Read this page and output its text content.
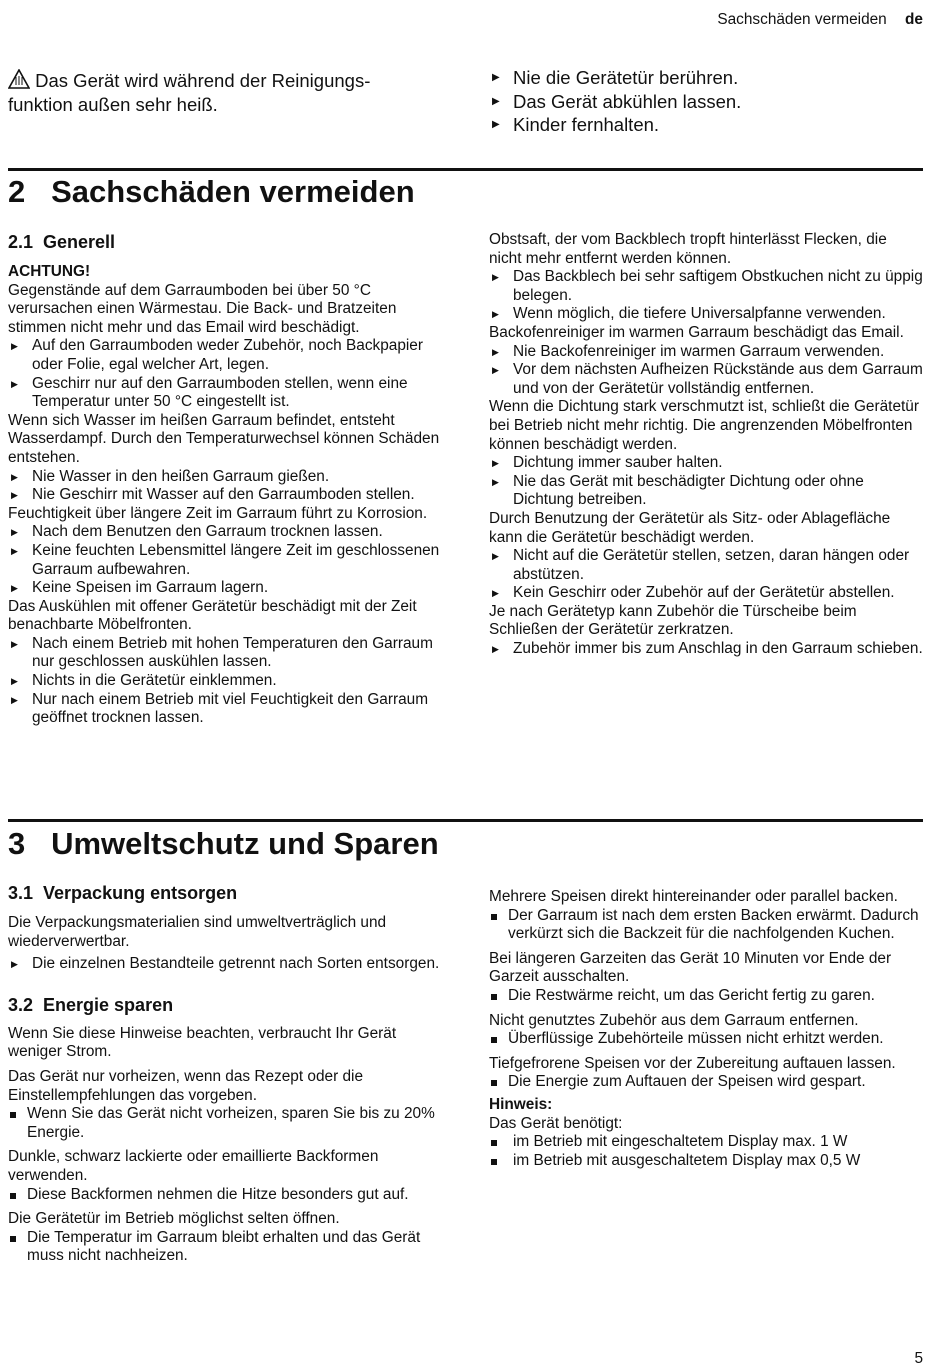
Sachschäden vermeiden de

Das Gerät wird während der Reinigungs-
funktion außen sehr heiß.

▶ Nie die Gerätetür berühren.

▶ Das Gerät abkühlen lassen.

▶ Kinder fernhalten.

2   Sachschäden vermeiden
2.1  Generell

ACHTUNG!

Gegenstände auf dem Garraumboden bei über 50 °C verursachen einen Wärmestau. Die Back- und Bratzeiten stimmen nicht mehr und das Email wird beschädigt.

▶ Auf den Garraumboden weder Zubehör, noch Backpapier oder Folie, egal welcher Art, legen.

▶ Geschirr nur auf den Garraumboden stellen, wenn eine Temperatur unter 50 °C eingestellt ist.

Wenn sich Wasser im heißen Garraum befindet, entsteht Wasserdampf. Durch den Temperaturwechsel können Schäden entstehen.

▶ Nie Wasser in den heißen Garraum gießen.

▶ Nie Geschirr mit Wasser auf den Garraumboden stellen.

Feuchtigkeit über längere Zeit im Garraum führt zu Korrosion.

▶ Nach dem Benutzen den Garraum trocknen lassen.

▶ Keine feuchten Lebensmittel längere Zeit im geschlossenen Garraum aufbewahren.

▶ Keine Speisen im Garraum lagern.

Das Auskühlen mit offener Gerätetür beschädigt mit der Zeit benachbarte Möbelfronten.

▶ Nach einem Betrieb mit hohen Temperaturen den Garraum nur geschlossen auskühlen lassen.

▶ Nichts in die Gerätetür einklemmen.

▶ Nur nach einem Betrieb mit viel Feuchtigkeit den Garraum geöffnet trocknen lassen.

Obstsaft, der vom Backblech tropft hinterlässt Flecken, die nicht mehr entfernt werden können.

▶ Das Backblech bei sehr saftigem Obstkuchen nicht zu üppig belegen.

▶ Wenn möglich, die tiefere Universalpfanne verwenden.

Backofenreiniger im warmen Garraum beschädigt das Email.

▶ Nie Backofenreiniger im warmen Garraum verwenden.

▶ Vor dem nächsten Aufheizen Rückstände aus dem Garraum und von der Gerätetür vollständig entfernen.

Wenn die Dichtung stark verschmutzt ist, schließt die Gerätetür bei Betrieb nicht mehr richtig. Die angrenzenden Möbelfronten können beschädigt werden.

▶ Dichtung immer sauber halten.

▶ Nie das Gerät mit beschädigter Dichtung oder ohne Dichtung betreiben.

Durch Benutzung der Gerätetür als Sitz- oder Ablagefläche kann die Gerätetür beschädigt werden.

▶ Nicht auf die Gerätetür stellen, setzen, daran hängen oder abstützen.

▶ Kein Geschirr oder Zubehör auf der Gerätetür abstellen.

Je nach Gerätetyp kann Zubehör die Türscheibe beim Schließen der Gerätetür zerkratzen.

▶ Zubehör immer bis zum Anschlag in den Garraum schieben.

3   Umweltschutz und Sparen
3.1  Verpackung entsorgen

Die Verpackungsmaterialien sind umweltverträglich und wiederverwertbar.

▶ Die einzelnen Bestandteile getrennt nach Sorten entsorgen.

3.2  Energie sparen

Wenn Sie diese Hinweise beachten, verbraucht Ihr Gerät weniger Strom.

Das Gerät nur vorheizen, wenn das Rezept oder die Einstellempfehlungen das vorgeben.

Wenn Sie das Gerät nicht vorheizen, sparen Sie bis zu 20% Energie.

Dunkle, schwarz lackierte oder emaillierte Backformen verwenden.

Diese Backformen nehmen die Hitze besonders gut auf.

Die Gerätetür im Betrieb möglichst selten öffnen.

Die Temperatur im Garraum bleibt erhalten und das Gerät muss nicht nachheizen.

Mehrere Speisen direkt hintereinander oder parallel backen.

Der Garraum ist nach dem ersten Backen erwärmt. Dadurch verkürzt sich die Backzeit für die nachfolgenden Kuchen.

Bei längeren Garzeiten das Gerät 10 Minuten vor Ende der Garzeit ausschalten.

Die Restwärme reicht, um das Gericht fertig zu garen.

Nicht genutztes Zubehör aus dem Garraum entfernen.

Überflüssige Zubehörteile müssen nicht erhitzt werden.

Tiefgefrorene Speisen vor der Zubereitung auftauen lassen.

Die Energie zum Auftauen der Speisen wird gespart.

Hinweis:

Das Gerät benötigt:

im Betrieb mit eingeschaltetem Display max. 1 W

im Betrieb mit ausgeschaltetem Display max 0,5 W

5
